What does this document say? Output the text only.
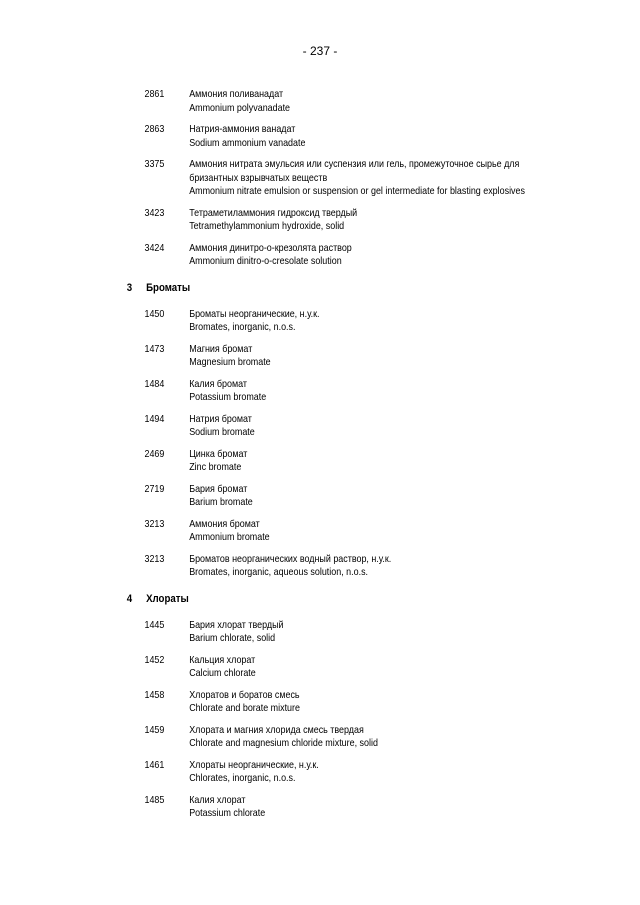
- 237 -
2861 Аммония поливанадат
Ammonium polyvanadate
2863 Натрия-аммония ванадат
Sodium ammonium vanadate
3375 Аммония нитрата эмульсия или суспензия или гель, промежуточное сырье для бризантных взрывчатых веществ
Ammonium nitrate emulsion or suspension or gel intermediate for blasting explosives
3423 Тетраметиламмония гидроксид твердый
Tetramethylammonium hydroxide, solid
3424 Аммония динитро-о-крезолята раствор
Ammonium dinitro-o-cresolate solution
3 Броматы
1450 Броматы неорганические, н.у.к.
Bromates, inorganic, n.o.s.
1473 Магния бромат
Magnesium bromate
1484 Калия бромат
Potassium bromate
1494 Натрия бромат
Sodium bromate
2469 Цинка бромат
Zinc bromate
2719 Бария бромат
Barium bromate
3213 Аммония бромат
Ammonium bromate
3213 Броматов неорганических водный раствор, н.у.к.
Bromates, inorganic, aqueous solution, n.o.s.
4 Хлораты
1445 Бария хлорат твердый
Barium chlorate, solid
1452 Кальция хлорат
Calcium chlorate
1458 Хлоратов и боратов смесь
Chlorate and borate mixture
1459 Хлората и магния хлорида смесь твердая
Chlorate and magnesium chloride mixture, solid
1461 Хлораты неорганические, н.у.к.
Chlorates, inorganic, n.o.s.
1485 Калия хлорат
Potassium chlorate
